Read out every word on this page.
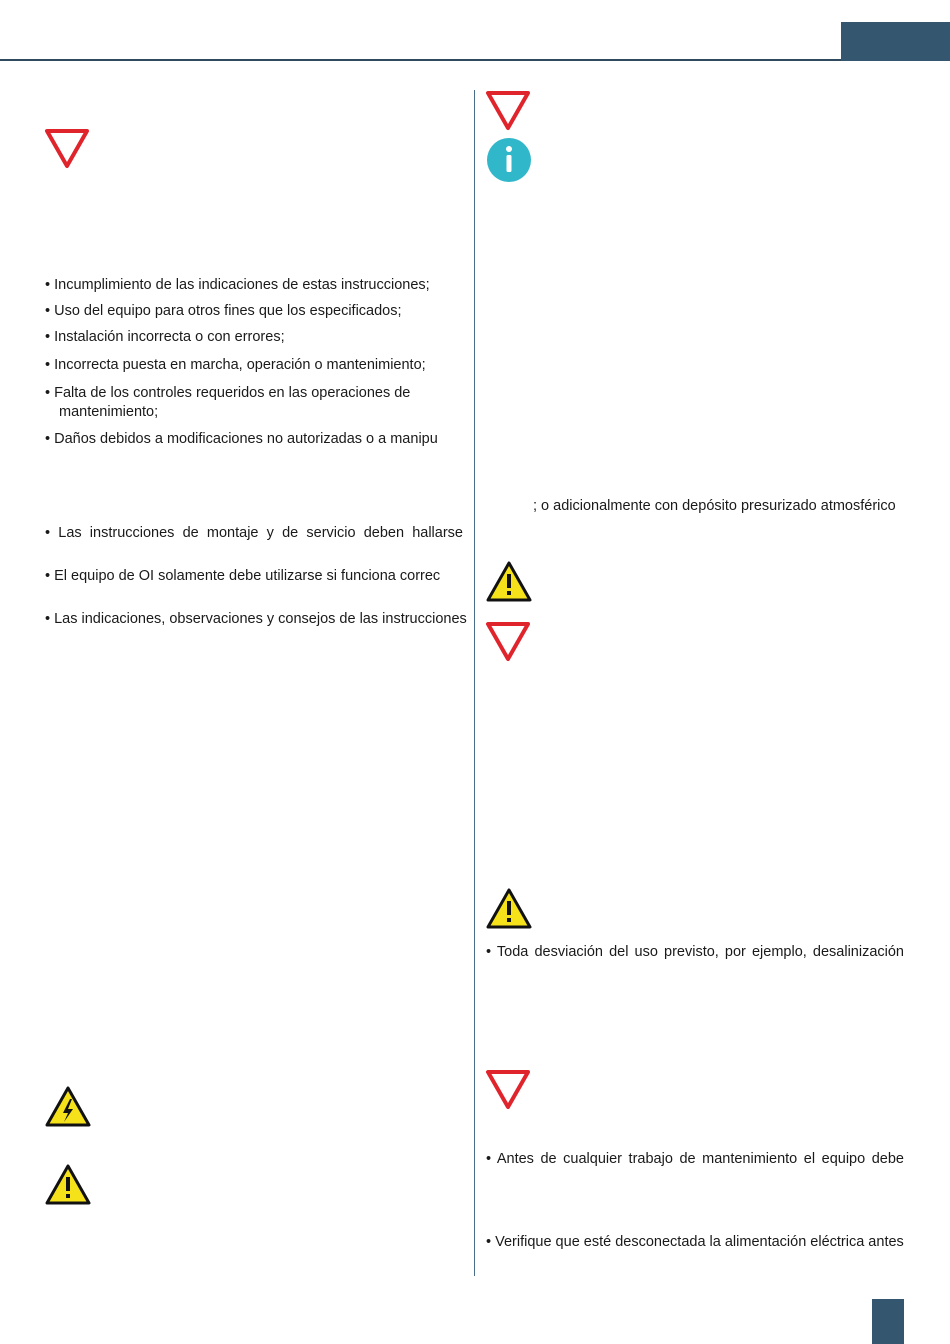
• Incumplimiento de las indicaciones de estas instrucciones;
• Uso del equipo para otros fines que los especificados;
• Instalación incorrecta o con errores;
• Incorrecta puesta en marcha, operación o mantenimiento;
• Falta de los controles requeridos en las operaciones de
mantenimiento;
• Daños debidos a modificaciones no autorizadas o a manipu
• Las instrucciones de montaje y de servicio deben hallarse
• El equipo de OI solamente debe utilizarse si funciona correc
• Las indicaciones, observaciones y consejos de las instrucciones
; o adicionalmente con depósito presurizado atmosférico
• Toda desviación del uso previsto, por ejemplo, desalinización
• Antes de cualquier trabajo de mantenimiento el equipo debe
• Verifique que esté desconectada la alimentación eléctrica antes
